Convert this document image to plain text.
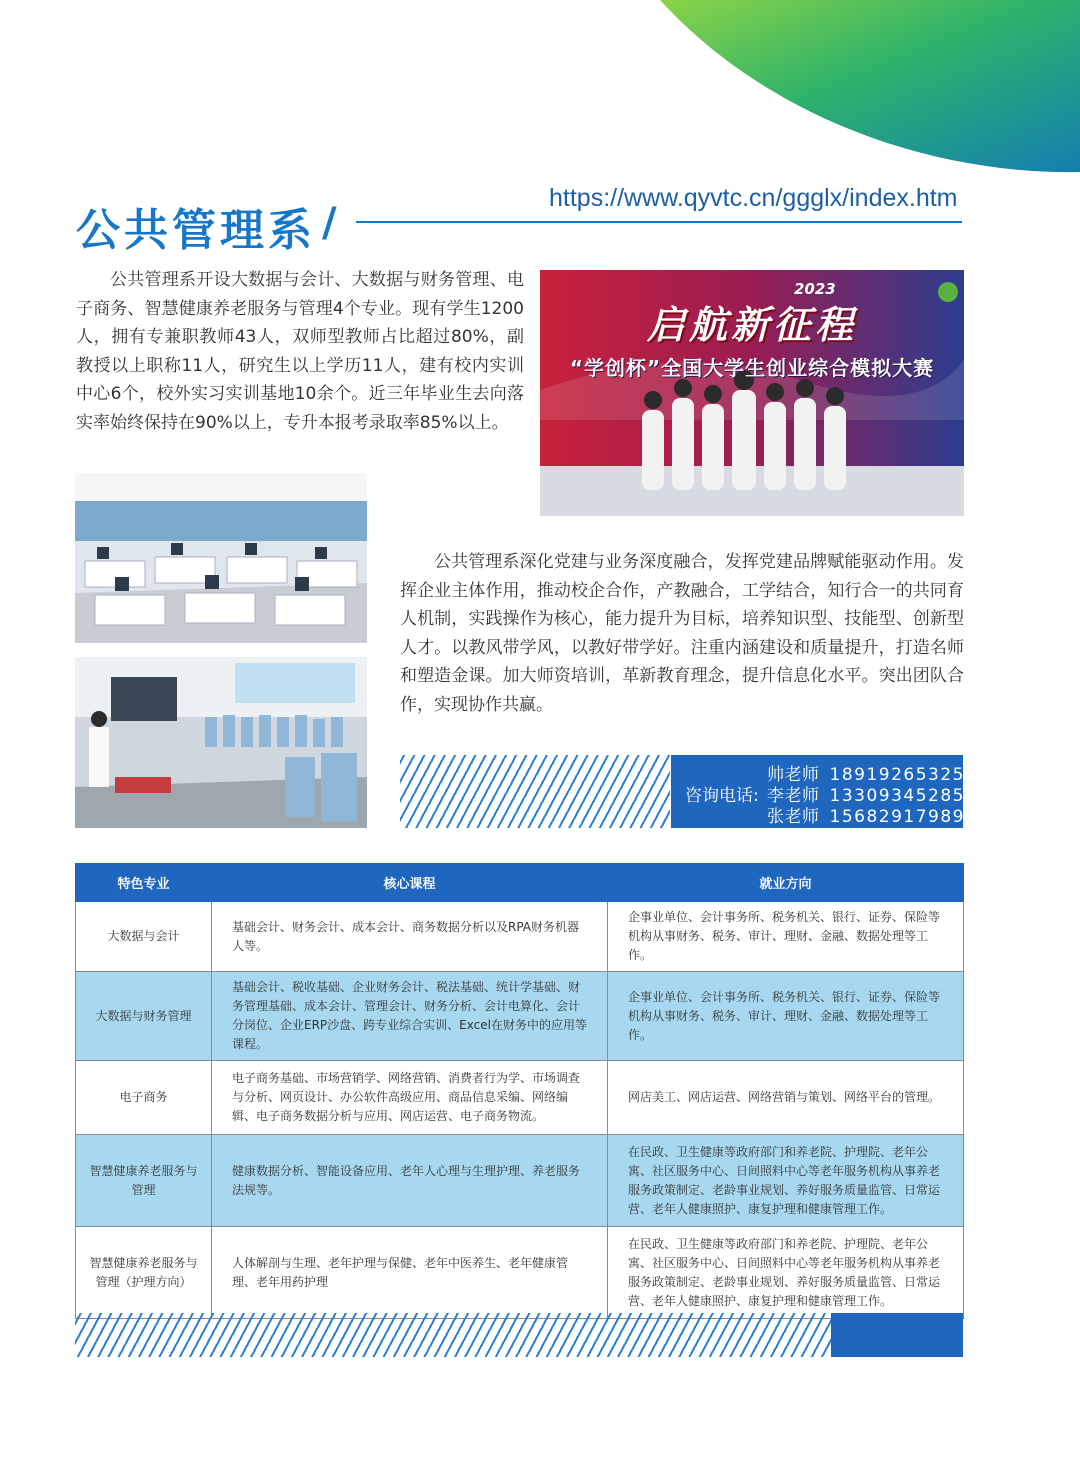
公共管理系 /
https://www.qyvtc.cn/ggglx/index.htm

公共管理系开设大数据与会计、大数据与财务管理、电子商务、智慧健康养老服务与管理4个专业。现有学生1200人，拥有专兼职教师43人，双师型教师占比超过80%，副教授以上职称11人，研究生以上学历11人，建有校内实训中心6个，校外实习实训基地10余个。近三年毕业生去向落实率始终保持在90%以上，专升本报考录取率85%以上。

2023
启航新征程
“学创杯”全国大学生创业综合模拟大赛

公共管理系深化党建与业务深度融合，发挥党建品牌赋能驱动作用。发挥企业主体作用，推动校企合作，产教融合，工学结合，知行合一的共同育人机制，实践操作为核心，能力提升为目标，培养知识型、技能型、创新型人才。以教风带学风，以教好带学好。注重内涵建设和质量提升，打造名师和塑造金课。加大师资培训，革新教育理念，提升信息化水平。突出团队合作，实现协作共赢。

咨询电话:
帅老师 18919265325
李老师 13309345285
张老师 15682917989
特色专业	核心课程	就业方向
大数据与会计	基础会计、财务会计、成本会计、商务数据分析以及RPA财务机器人等。	企事业单位、会计事务所、税务机关、银行、证券、保险等机构从事财务、税务、审计、理财、金融、数据处理等工作。
大数据与财务管理	基础会计、税收基础、企业财务会计、税法基础、统计学基础、财务管理基础、成本会计、管理会计、财务分析、会计电算化、会计分岗位、企业ERP沙盘、跨专业综合实训、Excel在财务中的应用等课程。	企事业单位、会计事务所、税务机关、银行、证券、保险等机构从事财务、税务、审计、理财、金融、数据处理等工作。
电子商务	电子商务基础、市场营销学、网络营销、消费者行为学、市场调查与分析、网页设计、办公软件高级应用、商品信息采编、网络编辑、电子商务数据分析与应用、网店运营、电子商务物流。	网店美工、网店运营、网络营销与策划、网络平台的管理。
智慧健康养老服务与管理	健康数据分析、智能设备应用、老年人心理与生理护理、养老服务法规等。	在民政、卫生健康等政府部门和养老院、护理院、老年公寓、社区服务中心、日间照料中心等老年服务机构从事养老服务政策制定、老龄事业规划、养好服务质量监管、日常运营、老年人健康照护、康复护理和健康管理工作。
智慧健康养老服务与管理（护理方向）	人体解剖与生理、老年护理与保健、老年中医养生、老年健康管理、老年用药护理	在民政、卫生健康等政府部门和养老院、护理院、老年公寓、社区服务中心、日间照料中心等老年服务机构从事养老服务政策制定、老龄事业规划、养好服务质量监管、日常运营、老年人健康照护、康复护理和健康管理工作。
